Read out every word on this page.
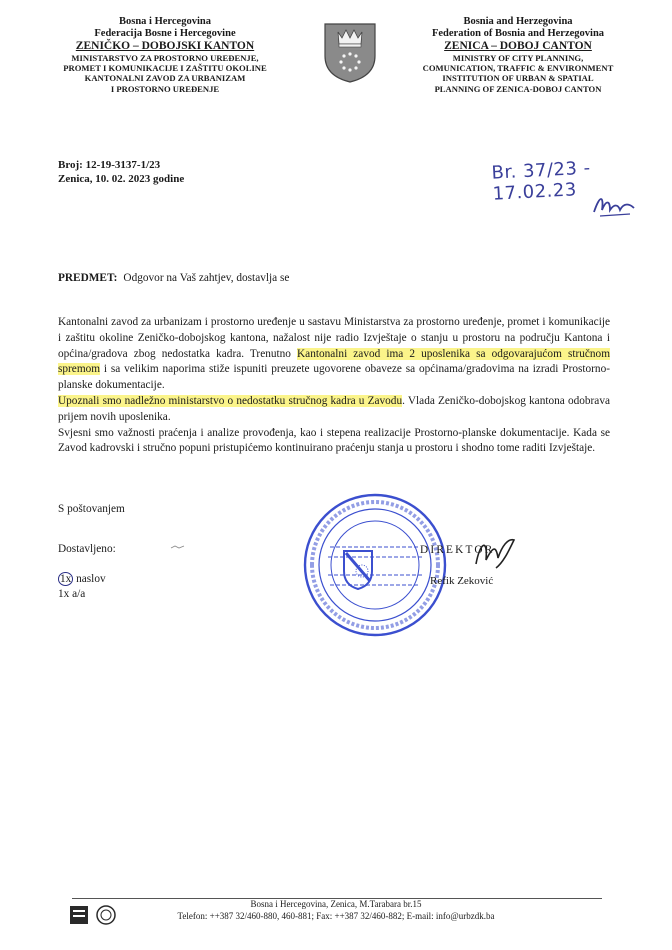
Bosna i Hercegovina
Federacija Bosne i Hercegovine
ZENIČKO – DOBOJSKI KANTON
MINISTARSTVO ZA PROSTORNO UREĐENJE,
PROMET I KOMUNIKACIJE I ZAŠTITU OKOLINE
KANTONALNI ZAVOD ZA URBANIZAM
I PROSTORNO UREĐENJE
Bosnia and Herzegovina
Federation of Bosnia and Herzegovina
ZENICA – DOBOJ CANTON
MINISTRY OF CITY PLANNING,
COMUNICATION, TRAFFIC & ENVIRONMENT
INSTITUTION OF URBAN & SPATIAL
PLANNING OF ZENICA-DOBOJ CANTON
Broj: 12-19-3137-1/23
Zenica, 10. 02. 2023 godine	Br. 37/23 - 17.02.23
PREDMET: Odgovor na Vaš zahtjev, dostavlja se

Kantonalni zavod za urbanizam i prostorno uređenje u sastavu Ministarstva za prostorno uređenje, promet i komunikacije i zaštitu okoline Zeničko-dobojskog kantona, nažalost nije radio Izvještaje o stanju u prostoru na području Kantona i općina/gradova zbog nedostatka kadra. Trenutno Kantonalni zavod ima 2 uposlenika sa odgovarajućom stručnom spremom i sa velikim naporima stiže ispuniti preuzete ugovorene obaveze sa općinama/gradovima na izradi Prostorno-planske dokumentacije.

Upoznali smo nadležno ministarstvo o nedostatku stručnog kadra u Zavodu. Vlada Zeničko-dobojskog kantona odobrava prijem novih uposlenika.

Svjesni smo važnosti praćenja i analize provođenja, kao i stepena realizacije Prostorno-planske dokumentacije. Kada se Zavod kadrovski i stručno popuni pristupićemo kontinuirano praćenju stanja u prostoru i shodno tome raditi Izvještaje.

S poštovanjem
Dostavljeno:
1x naslov
1x a/a
DIREKTOR
Refik Zeković
Bosna i Hercegovina, Zenica, M.Tarabara br.15
Telefon: ++387 32/460-880, 460-881; Fax: ++387 32/460-882; E-mail: info@urbzdk.ba
